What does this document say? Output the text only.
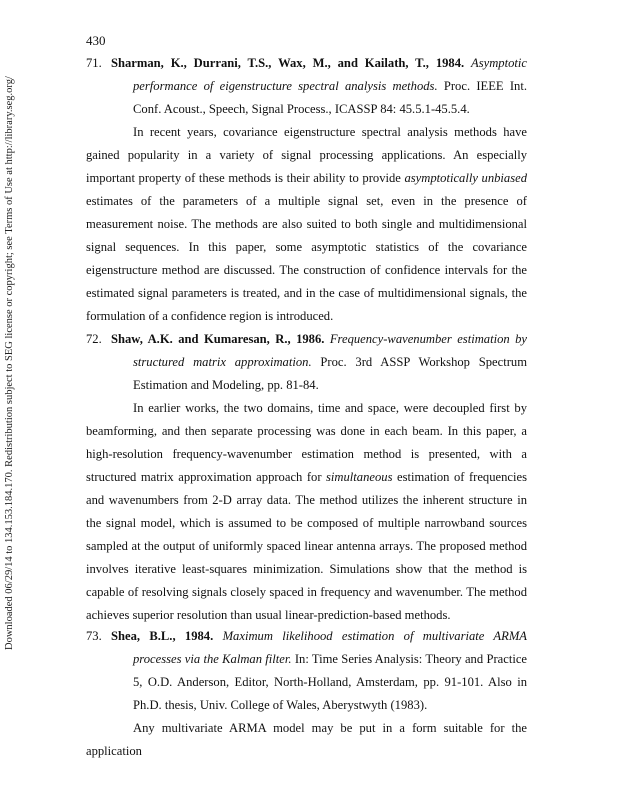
430
Downloaded 06/29/14 to 134.153.184.170. Redistribution subject to SEG license or copyright; see Terms of Use at http://library.seg.org/

71. Sharman, K., Durrani, T.S., Wax, M., and Kailath, T., 1984. Asymptotic performance of eigenstructure spectral analysis methods. Proc. IEEE Int. Conf. Acoust., Speech, Signal Process., ICASSP 84: 45.5.1-45.5.4.

In recent years, covariance eigenstructure spectral analysis methods have gained popularity in a variety of signal processing applications. An especially important property of these methods is their ability to provide asymptotically unbiased estimates of the parameters of a multiple signal set, even in the presence of measurement noise. The methods are also suited to both single and multidimensional signal sequences. In this paper, some asymptotic statistics of the covariance eigenstructure method are discussed. The construction of confidence intervals for the estimated signal parameters is treated, and in the case of multidimensional signals, the formulation of a confidence region is introduced.

72. Shaw, A.K. and Kumaresan, R., 1986. Frequency-wavenumber estimation by structured matrix approximation. Proc. 3rd ASSP Workshop Spectrum Estimation and Modeling, pp. 81-84.

In earlier works, the two domains, time and space, were decoupled first by beamforming, and then separate processing was done in each beam. In this paper, a high-resolution frequency-wavenumber estimation method is presented, with a structured matrix approximation approach for simultaneous estimation of frequencies and wavenumbers from 2-D array data. The method utilizes the inherent structure in the signal model, which is assumed to be composed of multiple narrowband sources sampled at the output of uniformly spaced linear antenna arrays. The proposed method involves iterative least-squares minimization. Simulations show that the method is capable of resolving signals closely spaced in frequency and wavenumber. The method achieves superior resolution than usual linear-prediction-based methods.

73. Shea, B.L., 1984. Maximum likelihood estimation of multivariate ARMA processes via the Kalman filter. In: Time Series Analysis: Theory and Practice 5, O.D. Anderson, Editor, North-Holland, Amsterdam, pp. 91-101. Also in Ph.D. thesis, Univ. College of Wales, Aberystwyth (1983).

Any multivariate ARMA model may be put in a form suitable for the application
